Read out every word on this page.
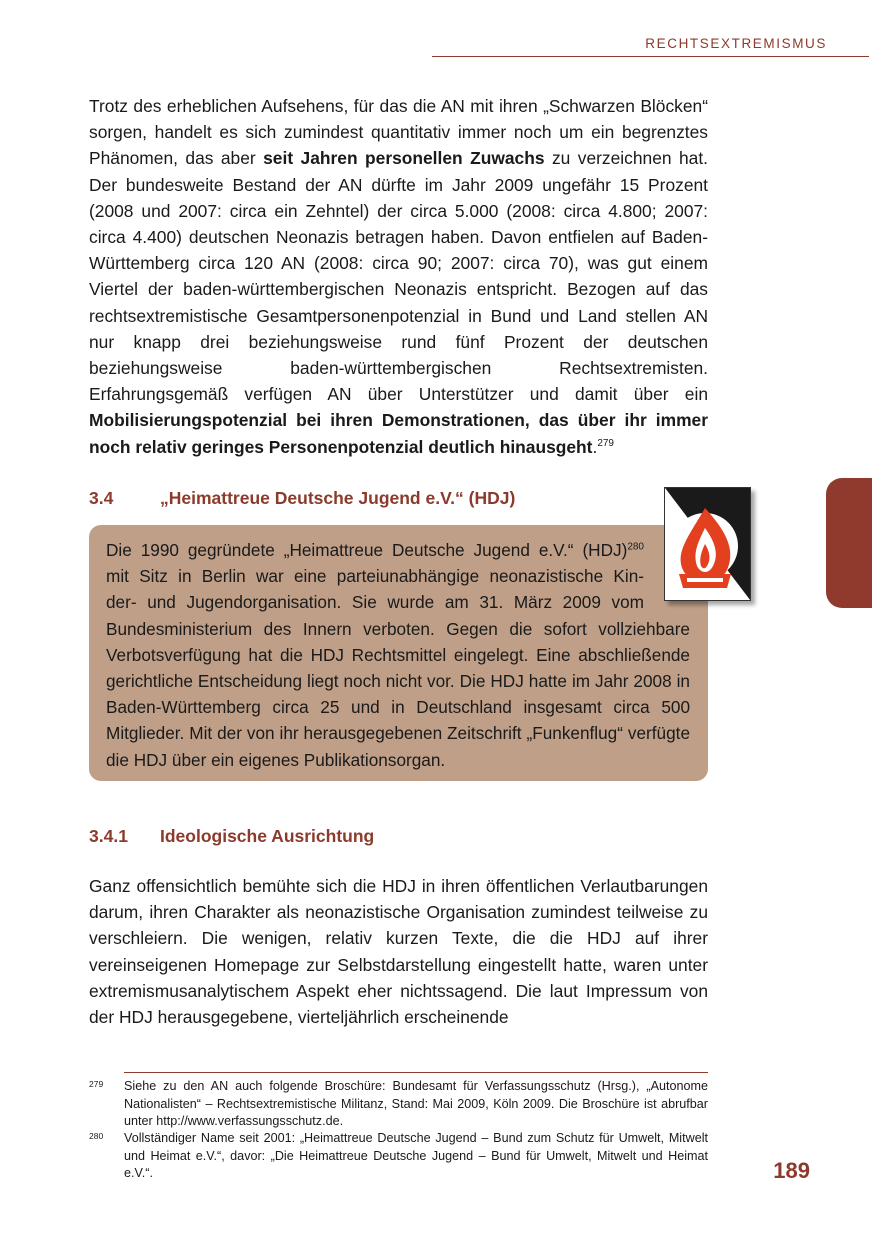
RECHTSEXTREMISMUS

Trotz des erheblichen Aufsehens, für das die AN mit ihren „Schwarzen Blöcken“ sorgen, handelt es sich zumindest quantitativ immer noch um ein begrenztes Phänomen, das aber seit Jahren personellen Zuwachs zu verzeichnen hat. Der bundesweite Bestand der AN dürfte im Jahr 2009 ungefähr 15 Prozent (2008 und 2007: circa ein Zehntel) der circa 5.000 (2008: circa 4.800; 2007: circa 4.400) deutschen Neonazis betragen haben. Davon entfielen auf Baden-Württemberg circa 120 AN (2008: circa 90; 2007: circa 70), was gut einem Viertel der baden-württembergischen Neonazis entspricht. Bezogen auf das rechtsextremistische Gesamtpersonenpotenzial in Bund und Land stellen AN nur knapp drei beziehungsweise rund fünf Prozent der deutschen beziehungsweise baden-württembergischen Rechtsextremisten. Erfahrungsgemäß verfügen AN über Unterstützer und damit über ein Mobilisierungspotenzial bei ihren Demonstrationen, das über ihr immer noch relativ geringes Personenpotenzial deutlich hinausgeht.$^{279}$

3.4	„Heimattreue Deutsche Jugend e.V.“ (HDJ)

Die 1990 gegründete „Heimattreue Deutsche Jugend e.V.“ (HDJ)$^{280}$
mit Sitz in Berlin war eine parteiunabhängige neonazistische Kin-
der- und Jugendorganisation. Sie wurde am 31. März 2009 vom
Bundesministerium des Innern verboten. Gegen die sofort vollziehbare Verbotsverfügung hat die HDJ Rechtsmittel eingelegt. Eine abschließende gerichtliche Entscheidung liegt noch nicht vor. Die HDJ hatte im Jahr 2008 in Baden-Württemberg circa 25 und in Deutschland insgesamt circa 500 Mitglieder. Mit der von ihr herausgegebenen Zeitschrift „Funkenflug“ verfügte die HDJ über ein eigenes Publikationsorgan.

3.4.1 Ideologische Ausrichtung

Ganz offensichtlich bemühte sich die HDJ in ihren öffentlichen Verlautbarungen darum, ihren Charakter als neonazistische Organisation zumindest teilweise zu verschleiern. Die wenigen, relativ kurzen Texte, die die HDJ auf ihrer vereinseigenen Homepage zur Selbstdarstellung eingestellt hatte, waren unter extremismusanalytischem Aspekt eher nichtssagend. Die laut Impressum von der HDJ herausgegebene, vierteljährlich erscheinende

279 Siehe zu den AN auch folgende Broschüre: Bundesamt für Verfassungsschutz (Hrsg.), „Autonome Nationalisten“ – Rechtsextremistische Militanz, Stand: Mai 2009, Köln 2009. Die Broschüre ist abrufbar unter http://www.verfassungsschutz.de.
280 Vollständiger Name seit 2001: „Heimattreue Deutsche Jugend – Bund zum Schutz für Umwelt, Mitwelt und Heimat e.V.“, davor: „Die Heimattreue Deutsche Jugend – Bund für Umwelt, Mitwelt und Heimat e.V.“.	189
